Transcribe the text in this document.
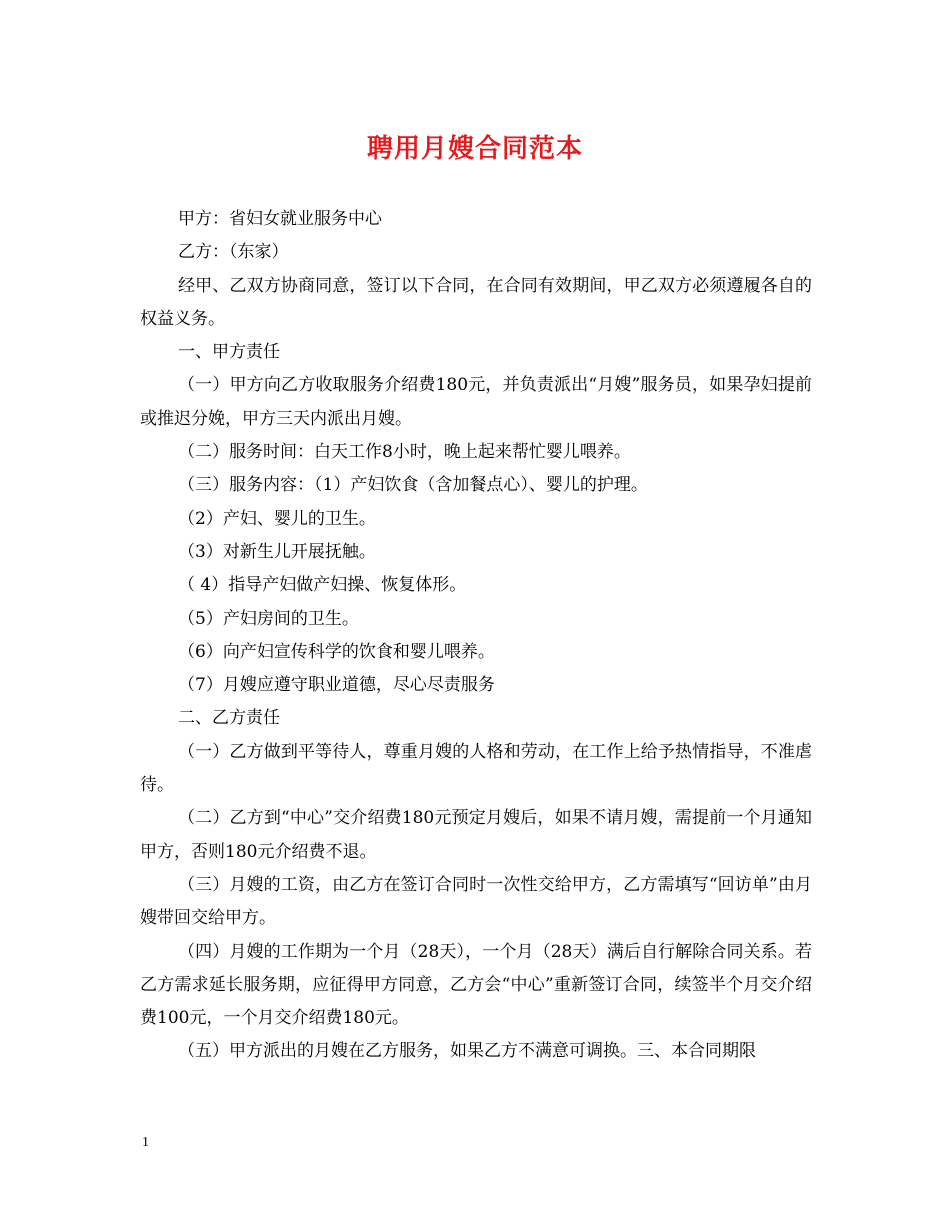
聘用月嫂合同范本

甲方：省妇女就业服务中心

乙方：（东家）

经甲、乙双方协商同意，签订以下合同，在合同有效期间，甲乙双方必须遵履各自的权益义务。

一、甲方责任

（一）甲方向乙方收取服务介绍费180元，并负责派出“月嫂”服务员，如果孕妇提前或推迟分娩，甲方三天内派出月嫂。

（二）服务时间：白天工作8小时，晚上起来帮忙婴儿喂养。

（三）服务内容：（1）产妇饮食（含加餐点心）、婴儿的护理。

（2）产妇、婴儿的卫生。

（3）对新生儿开展抚触。

（ 4）指导产妇做产妇操、恢复体形。

（5）产妇房间的卫生。

（6）向产妇宣传科学的饮食和婴儿喂养。

（7）月嫂应遵守职业道德，尽心尽责服务

二、乙方责任

（一）乙方做到平等待人，尊重月嫂的人格和劳动，在工作上给予热情指导，不准虐待。

（二）乙方到“中心”交介绍费180元预定月嫂后，如果不请月嫂，需提前一个月通知甲方，否则180元介绍费不退。

（三）月嫂的工资，由乙方在签订合同时一次性交给甲方，乙方需填写“回访单”由月嫂带回交给甲方。

（四）月嫂的工作期为一个月（28天），一个月（28天）满后自行解除合同关系。若乙方需求延长服务期，应征得甲方同意，乙方会“中心”重新签订合同，续签半个月交介绍费100元，一个月交介绍费180元。

（五）甲方派出的月嫂在乙方服务，如果乙方不满意可调换。三、本合同期限

1
